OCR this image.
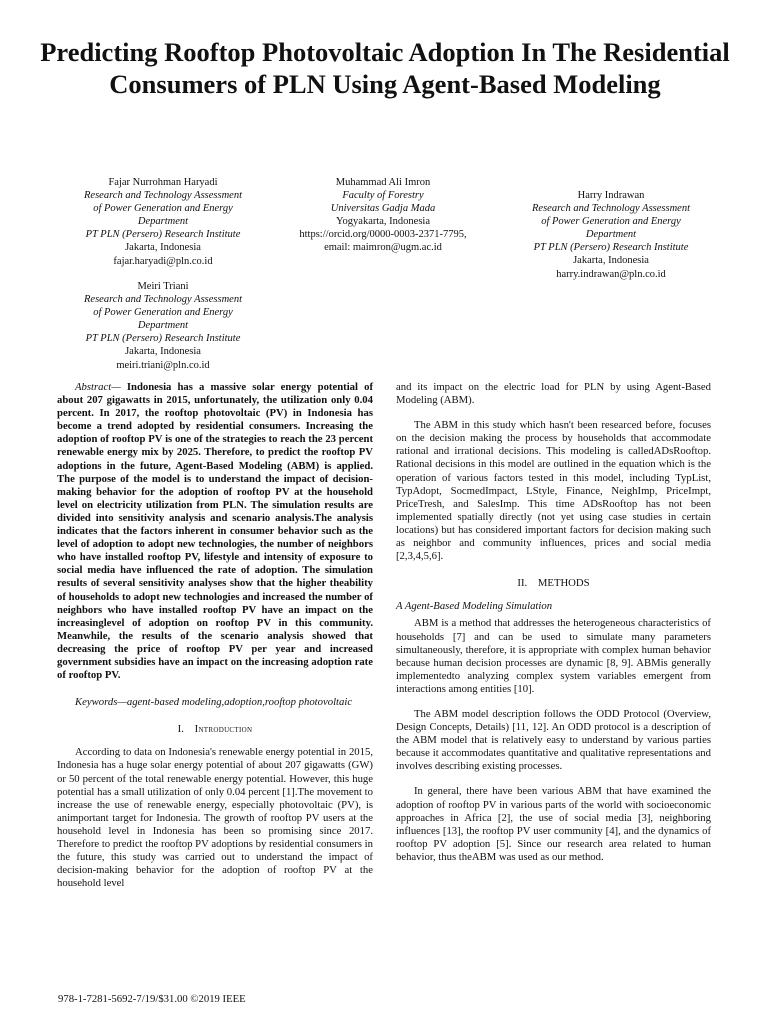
Predicting Rooftop Photovoltaic Adoption In The Residential Consumers of PLN Using Agent-Based Modeling
Fajar Nurrohman Haryadi
Research and Technology Assessment
of Power Generation and Energy
Department
PT PLN (Persero) Research Institute
Jakarta, Indonesia
fajar.haryadi@pln.co.id
Muhammad Ali Imron
Faculty of Forestry
Universitas Gadja Mada
Yogyakarta, Indonesia
https://orcid.org/0000-0003-2371-7795,
email: maimron@ugm.ac.id
Harry Indrawan
Research and Technology Assessment
of Power Generation and Energy
Department
PT PLN (Persero) Research Institute
Jakarta, Indonesia
harry.indrawan@pln.co.id
Meiri Triani
Research and Technology Assessment
of Power Generation and Energy
Department
PT PLN (Persero) Research Institute
Jakarta, Indonesia
meiri.triani@pln.co.id

Abstract— Indonesia has a massive solar energy potential of about 207 gigawatts in 2015, unfortunately, the utilization only 0.04 percent. In 2017, the rooftop photovoltaic (PV) in Indonesia has become a trend adopted by residential consumers. Increasing the adoption of rooftop PV is one of the strategies to reach the 23 percent renewable energy mix by 2025. Therefore, to predict the rooftop PV adoptions in the future, Agent-Based Modeling (ABM) is applied. The purpose of the model is to understand the impact of decision-making behavior for the adoption of rooftop PV at the household level on electricity utilization from PLN. The simulation results are divided into sensitivity analysis and scenario analysis.The analysis indicates that the factors inherent in consumer behavior such as the level of adoption to adopt new technologies, the number of neighbors who have installed rooftop PV, lifestyle and intensity of exposure to social media have influenced the rate of adoption. The simulation results of several sensitivity analyses show that the higher theability of households to adopt new technologies and increased the number of neighbors who have installed rooftop PV have an impact on the increasinglevel of adoption on rooftop PV in this community. Meanwhile, the results of the scenario analysis showed that decreasing the price of rooftop PV per year and increased government subsidies have an impact on the increasing adoption rate of rooftop PV.

Keywords—agent-based modeling,adoption,rooftop photovoltaic

I. Introduction

According to data on Indonesia's renewable energy potential in 2015, Indonesia has a huge solar energy potential of about 207 gigawatts (GW) or 50 percent of the total renewable energy potential. However, this huge potential has a small utilization of only 0.04 percent [1].The movement to increase the use of renewable energy, especially photovoltaic (PV), is animportant target for Indonesia. The growth of rooftop PV users at the household level in Indonesia has been so promising since 2017. Therefore to predict the rooftop PV adoptions by residential consumers in the future, this study was carried out to understand the impact of decision-making behavior for the adoption of rooftop PV at the household level

and its impact on the electric load for PLN by using Agent-Based Modeling (ABM).

The ABM in this study which hasn't been researced before, focuses on the decision making the process by households that accommodate rational and irrational decisions. This modeling is calledADsRooftop. Rational decisions in this model are outlined in the equation which is the operation of various factors tested in this model, including TypList, TypAdopt, SocmedImpact, LStyle, Finance, NeighImp, PriceImpt, PriceTresh, and SalesImp. This time ADsRooftop has not been implemented spatially directly (not yet using case studies in certain locations) but has considered important factors for decision making such as neighbor and community influences, prices and social media [2,3,4,5,6].

II. METHODS

A Agent-Based Modeling Simulation

ABM is a method that addresses the heterogeneous characteristics of households [7] and can be used to simulate many parameters simultaneously, therefore, it is appropriate with complex human behavior because human decision processes are dynamic [8, 9]. ABMis generally implementedto analyzing complex system variables emergent from interactions among entities [10].

The ABM model description follows the ODD Protocol (Overview, Design Concepts, Details) [11, 12]. An ODD protocol is a description of the ABM model that is relatively easy to understand by various parties because it accommodates quantitative and qualitative representations and involves describing existing processes.

In general, there have been various ABM that have examined the adoption of rooftop PV in various parts of the world with socioeconomic approaches in Africa [2], the use of social media [3], neighboring influences [13], the rooftop PV user community [4], and the dynamics of rooftop PV adoption [5]. Since our research area related to human behavior, thus theABM was used as our method.

978-1-7281-5692-7/19/$31.00 ©2019 IEEE
